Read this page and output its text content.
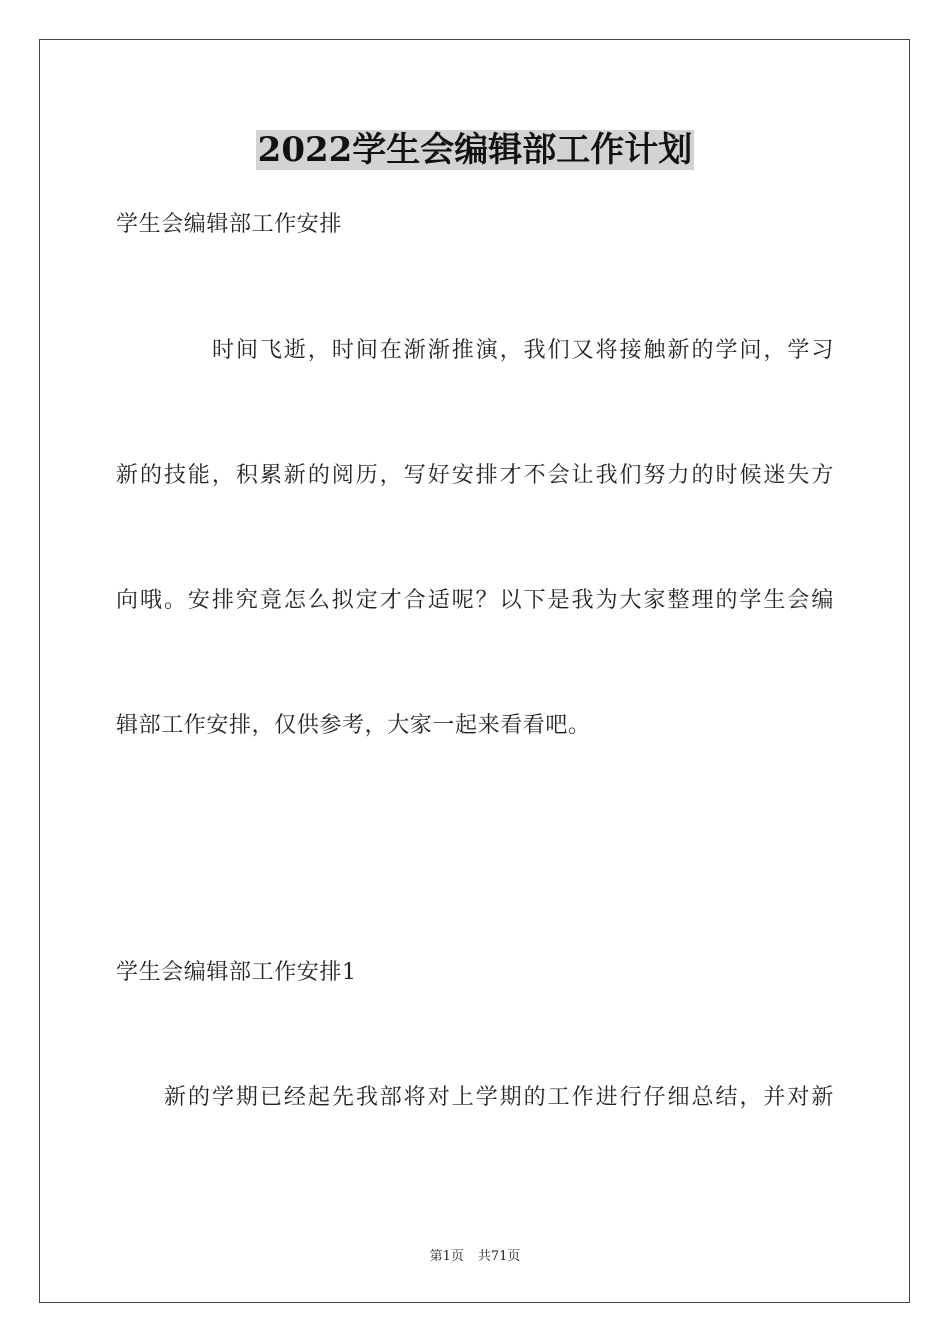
2022学生会编辑部工作计划
学生会编辑部工作安排
时间飞逝，时间在渐渐推演，我们又将接触新的学问，学习
新的技能，积累新的阅历，写好安排才不会让我们努力的时候迷失方
向哦。安排究竟怎么拟定才合适呢？以下是我为大家整理的学生会编
辑部工作安排，仅供参考，大家一起来看看吧。
学生会编辑部工作安排1
新的学期已经起先我部将对上学期的工作进行仔细总结，并对新
第1页 共71页
